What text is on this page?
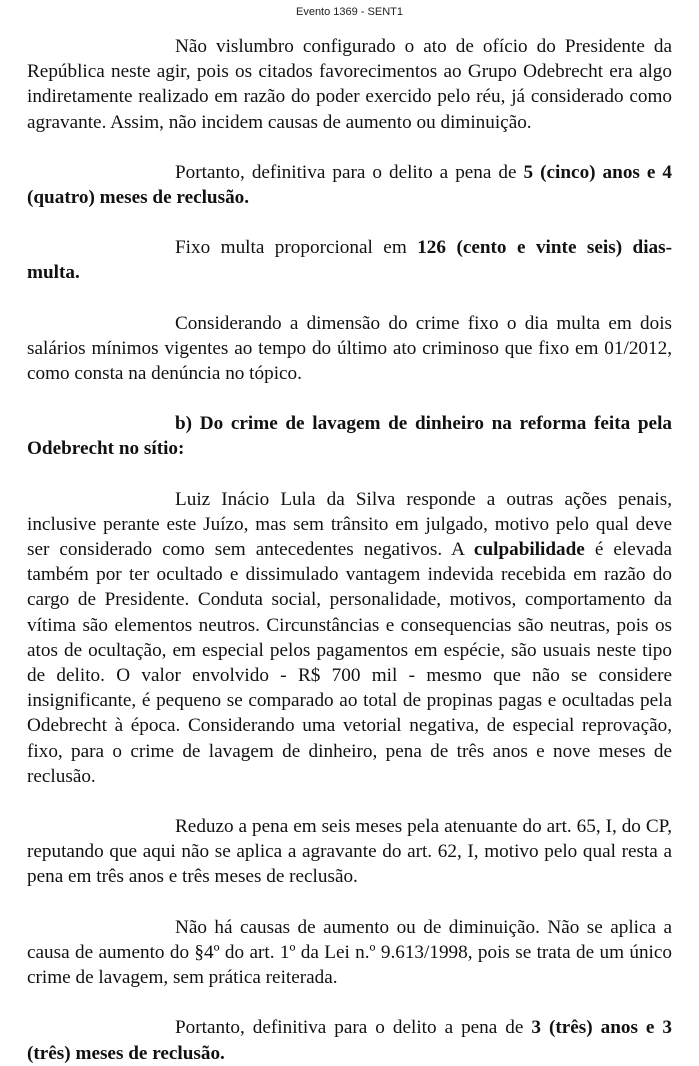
Evento 1369 - SENT1

Não vislumbro configurado o ato de ofício do Presidente da República neste agir, pois os citados favorecimentos ao Grupo Odebrecht era algo indiretamente realizado em razão do poder exercido pelo réu, já considerado como agravante. Assim, não incidem causas de aumento ou diminuição.

Portanto, definitiva para o delito a pena de 5 (cinco) anos e 4 (quatro) meses de reclusão.

Fixo multa proporcional em 126 (cento e vinte seis) dias-multa.

Considerando a dimensão do crime fixo o dia multa em dois salários mínimos vigentes ao tempo do último ato criminoso que fixo em 01/2012, como consta na denúncia no tópico.

b) Do crime de lavagem de dinheiro na reforma feita pela Odebrecht no sítio:

Luiz Inácio Lula da Silva responde a outras ações penais, inclusive perante este Juízo, mas sem trânsito em julgado, motivo pelo qual deve ser considerado como sem antecedentes negativos. A culpabilidade é elevada também por ter ocultado e dissimulado vantagem indevida recebida em razão do cargo de Presidente. Conduta social, personalidade, motivos, comportamento da vítima são elementos neutros. Circunstâncias e consequencias são neutras, pois os atos de ocultação, em especial pelos pagamentos em espécie, são usuais neste tipo de delito. O valor envolvido - R$ 700 mil - mesmo que não se considere insignificante, é pequeno se comparado ao total de propinas pagas e ocultadas pela Odebrecht à época. Considerando uma vetorial negativa, de especial reprovação, fixo, para o crime de lavagem de dinheiro, pena de três anos e nove meses de reclusão.

Reduzo a pena em seis meses pela atenuante do art. 65, I, do CP, reputando que aqui não se aplica a agravante do art. 62, I, motivo pelo qual resta a pena em três anos e três meses de reclusão.

Não há causas de aumento ou de diminuição. Não se aplica a causa de aumento do §4º do art. 1º da Lei n.º 9.613/1998, pois se trata de um único crime de lavagem, sem prática reiterada.

Portanto, definitiva para o delito a pena de 3 (três) anos e 3 (três) meses de reclusão.
